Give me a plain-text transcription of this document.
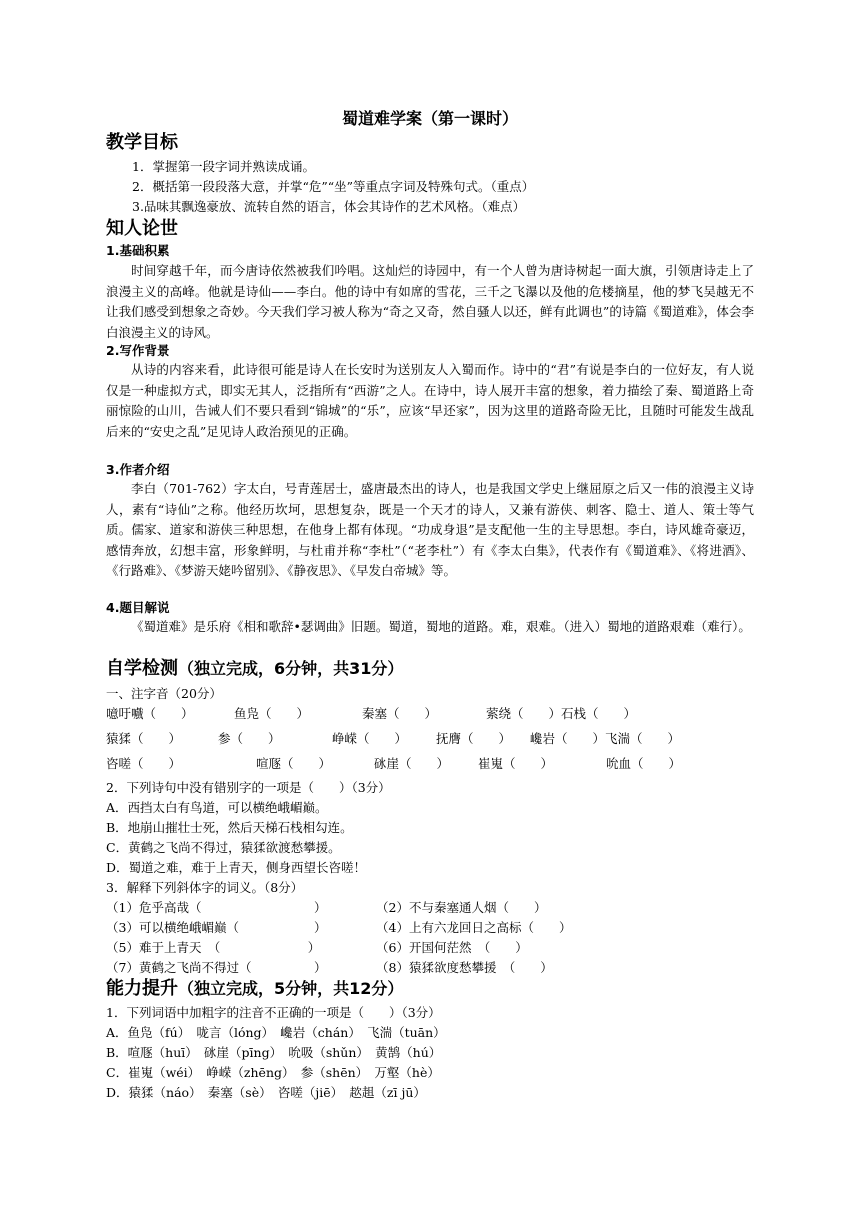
蜀道难学案（第一课时）
教学目标
1．掌握第一段字词并熟读成诵。
2．概括第一段段落大意，并掌“危”“坐”等重点字词及特殊句式。（重点）
3.品味其飘逸豪放、流转自然的语言，体会其诗作的艺术风格。（难点）
知人论世
1.基础积累
时间穿越千年，而今唐诗依然被我们吟唱。这灿烂的诗园中，有一个人曾为唐诗树起一面大旗，引领唐诗走上了浪漫主义的高峰。他就是诗仙——李白。他的诗中有如席的雪花，三千之飞瀑以及他的危楼摘星，他的梦飞吴越无不让我们感受到想象之奇妙。今天我们学习被人称为“奇之又奇，然自骚人以还，鲜有此调也”的诗篇《蜀道难》，体会李白浪漫主义的诗风。
2.写作背景
从诗的内容来看，此诗很可能是诗人在长安时为送别友人入蜀而作。诗中的“君”有说是李白的一位好友，有人说仅是一种虚拟方式，即实无其人，泛指所有“西游”之人。在诗中，诗人展开丰富的想象，着力描绘了秦、蜀道路上奇丽惊险的山川，告诫人们不要只看到“锦城”的“乐”，应该“早还家”，因为这里的道路奇险无比，且随时可能发生战乱后来的“安史之乱”足见诗人政治预见的正确。
3.作者介绍
李白（701-762）字太白，号青莲居士，盛唐最杰出的诗人，也是我国文学史上继屈原之后又一伟的浪漫主义诗人，素有“诗仙”之称。他经历坎坷，思想复杂，既是一个天才的诗人，又兼有游侠、刺客、隐士、道人、策士等气质。儒家、道家和游侠三种思想，在他身上都有体现。“功成身退”是支配他一生的主导思想。李白，诗风雄奇豪迈，感情奔放，幻想丰富，形象鲜明，与杜甫并称“李杜”（“老李杜”）有《李太白集》，代表作有《蜀道难》、《将进酒》、《行路难》、《梦游天姥吟留别》、《静夜思》、《早发白帝城》等。
4.题目解说
《蜀道难》是乐府《相和歌辞•瑟调曲》旧题。蜀道，蜀地的道路。难，艰难。（进入）蜀地的道路艰难（难行）。
自学检测（独立完成，6分钟，共31分）
一、注字音（20分）
噫吁嚱（　　）	鱼凫（　　）	秦塞（　　）	萦绕（　　）石栈（　　）
猿猱（　　）	参（　　）	峥嵘（　　） 抚膺（　　） 巉岩（　　）飞湍（　　）
咨嗟（　　）	喧豗（　　）	砯崖（　　） 崔嵬（　　）	吮血（　　）
2．下列诗句中没有错别字的一项是（　　）（3分）
A．西挡太白有鸟道，可以横绝峨嵋巅。
B．地崩山摧壮士死，然后天梯石栈相勾连。
C．黄鹤之飞尚不得过，猿猱欲渡愁攀援。
D．蜀道之难，难于上青天，侧身西望长咨嗟！
3．解释下列斜体字的词义。（8分）
（1）危乎高哉（　　　　　　　　　）	（2）不与秦塞通人烟（　　）
（3）可以横绝峨嵋巅（　　　　　　）	（4）上有六龙回日之高标（　　）
（5）难于上青天　（　　　　　　　）	（6）开国何茫然　（　　）
（7）黄鹤之飞尚不得过（　　　　　）	（8）猿猱欲度愁攀援　（　　）
能力提升（独立完成，5分钟，共12分）
1．下列词语中加粗字的注音不正确的一项是（　　）（3分）
A．鱼凫（fú）　咙言（lóng）　巉岩（chán）　飞湍（tuān）
B．喧豗（huī）　砯崖（pīng）　吮吸（shǔn）　黄鹄（hú）
C．崔嵬（wéi）　峥嵘（zhēng）　参（shēn）　万壑（hè）
D．猿猱（náo）　秦塞（sè）　咨嗟（jiē）　趑趄（zī jū）
